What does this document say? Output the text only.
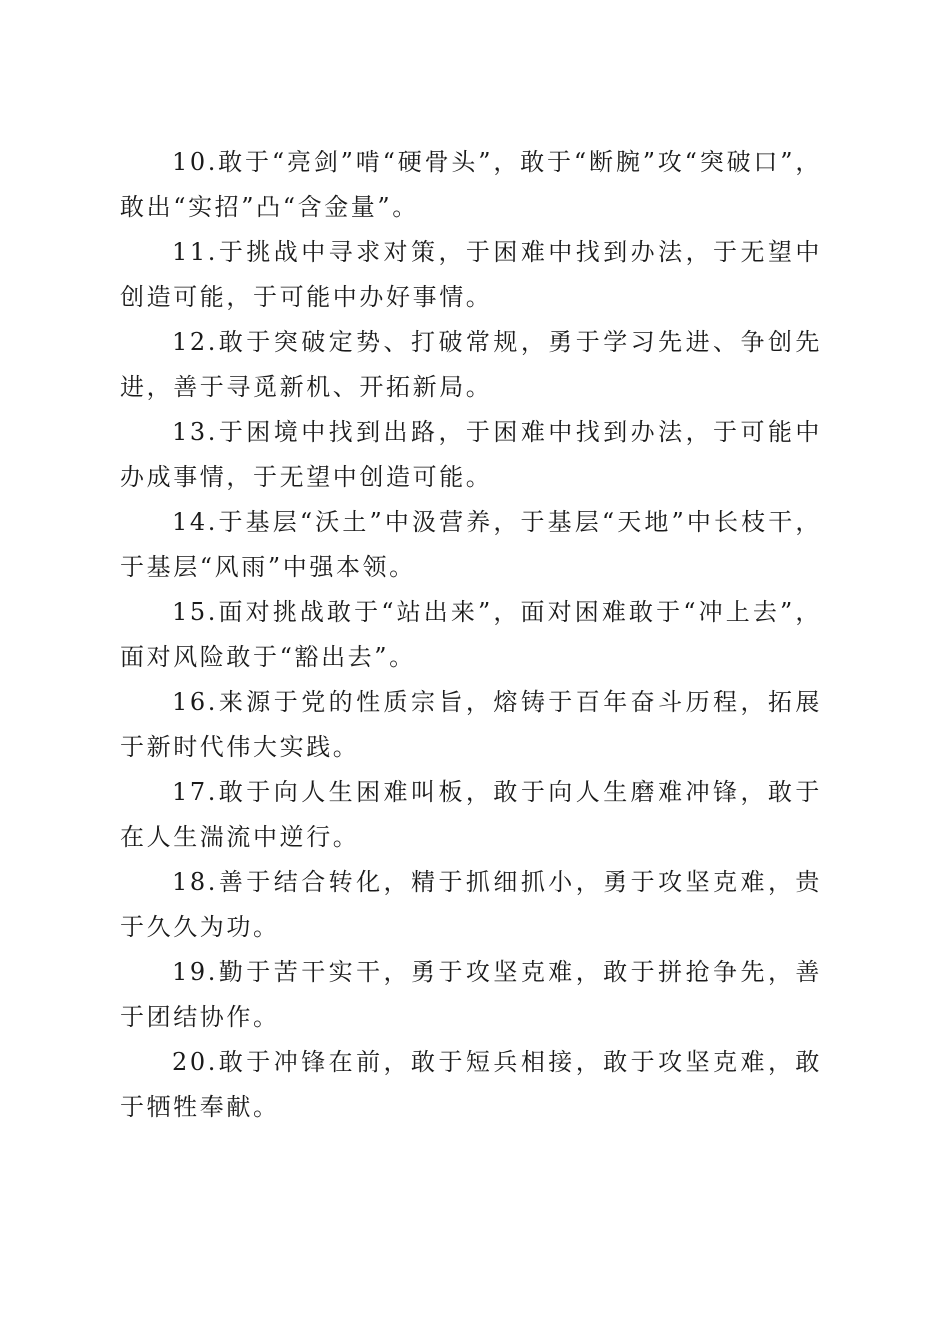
10.敢于“亮剑”啃“硬骨头”，敢于“断腕”攻“突破口”，敢出“实招”凸“含金量”。

11.于挑战中寻求对策，于困难中找到办法，于无望中创造可能，于可能中办好事情。

12.敢于突破定势、打破常规，勇于学习先进、争创先进，善于寻觅新机、开拓新局。

13.于困境中找到出路，于困难中找到办法，于可能中办成事情，于无望中创造可能。

14.于基层“沃土”中汲营养，于基层“天地”中长枝干，于基层“风雨”中强本领。

15.面对挑战敢于“站出来”，面对困难敢于“冲上去”，面对风险敢于“豁出去”。

16.来源于党的性质宗旨，熔铸于百年奋斗历程，拓展于新时代伟大实践。

17.敢于向人生困难叫板，敢于向人生磨难冲锋，敢于在人生湍流中逆行。

18.善于结合转化，精于抓细抓小，勇于攻坚克难，贵于久久为功。

19.勤于苦干实干，勇于攻坚克难，敢于拼抢争先，善于团结协作。

20.敢于冲锋在前，敢于短兵相接，敢于攻坚克难，敢于牺牲奉献。
